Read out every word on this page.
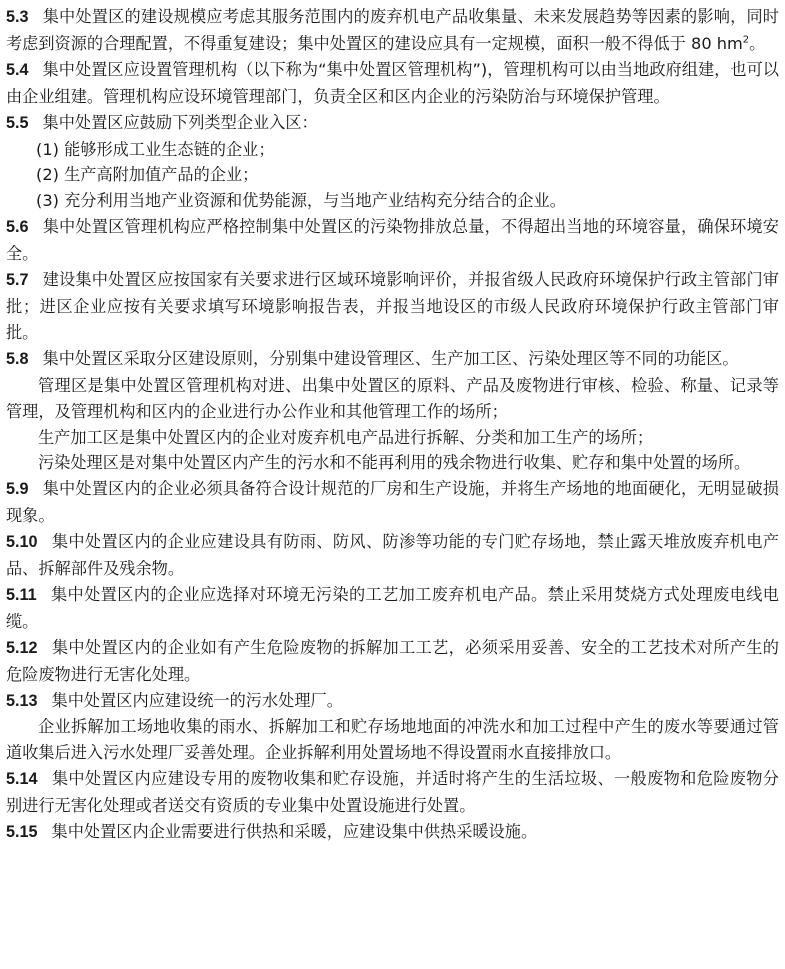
5.3 集中处置区的建设规模应考虑其服务范围内的废弃机电产品收集量、未来发展趋势等因素的影响，同时考虑到资源的合理配置，不得重复建设；集中处置区的建设应具有一定规模，面积一般不得低于 80 $hm^2$。

5.4 集中处置区应设置管理机构（以下称为“集中处置区管理机构”)，管理机构可以由当地政府组建，也可以由企业组建。管理机构应设环境管理部门，负责全区和区内企业的污染防治与环境保护管理。

5.5 集中处置区应鼓励下列类型企业入区：

(1) 能够形成工业生态链的企业；

(2) 生产高附加值产品的企业；

(3) 充分利用当地产业资源和优势能源，与当地产业结构充分结合的企业。

5.6 集中处置区管理机构应严格控制集中处置区的污染物排放总量，不得超出当地的环境容量，确保环境安全。

5.7 建设集中处置区应按国家有关要求进行区域环境影响评价，并报省级人民政府环境保护行政主管部门审批；进区企业应按有关要求填写环境影响报告表，并报当地设区的市级人民政府环境保护行政主管部门审批。

5.8 集中处置区采取分区建设原则，分别集中建设管理区、生产加工区、污染处理区等不同的功能区。

管理区是集中处置区管理机构对进、出集中处置区的原料、产品及废物进行审核、检验、称量、记录等管理，及管理机构和区内的企业进行办公作业和其他管理工作的场所；

生产加工区是集中处置区内的企业对废弃机电产品进行拆解、分类和加工生产的场所；

污染处理区是对集中处置区内产生的污水和不能再利用的残余物进行收集、贮存和集中处置的场所。

5.9 集中处置区内的企业必须具备符合设计规范的厂房和生产设施，并将生产场地的地面硬化，无明显破损现象。

5.10 集中处置区内的企业应建设具有防雨、防风、防渗等功能的专门贮存场地，禁止露天堆放废弃机电产品、拆解部件及残余物。

5.11 集中处置区内的企业应选择对环境无污染的工艺加工废弃机电产品。禁止采用焚烧方式处理废电线电缆。

5.12 集中处置区内的企业如有产生危险废物的拆解加工工艺，必须采用妥善、安全的工艺技术对所产生的危险废物进行无害化处理。

5.13 集中处置区内应建设统一的污水处理厂。

企业拆解加工场地收集的雨水、拆解加工和贮存场地地面的冲洗水和加工过程中产生的废水等要通过管道收集后进入污水处理厂妥善处理。企业拆解利用处置场地不得设置雨水直接排放口。

5.14 集中处置区内应建设专用的废物收集和贮存设施，并适时将产生的生活垃圾、一般废物和危险废物分别进行无害化处理或者送交有资质的专业集中处置设施进行处置。

5.15 集中处置区内企业需要进行供热和采暖，应建设集中供热采暖设施。
